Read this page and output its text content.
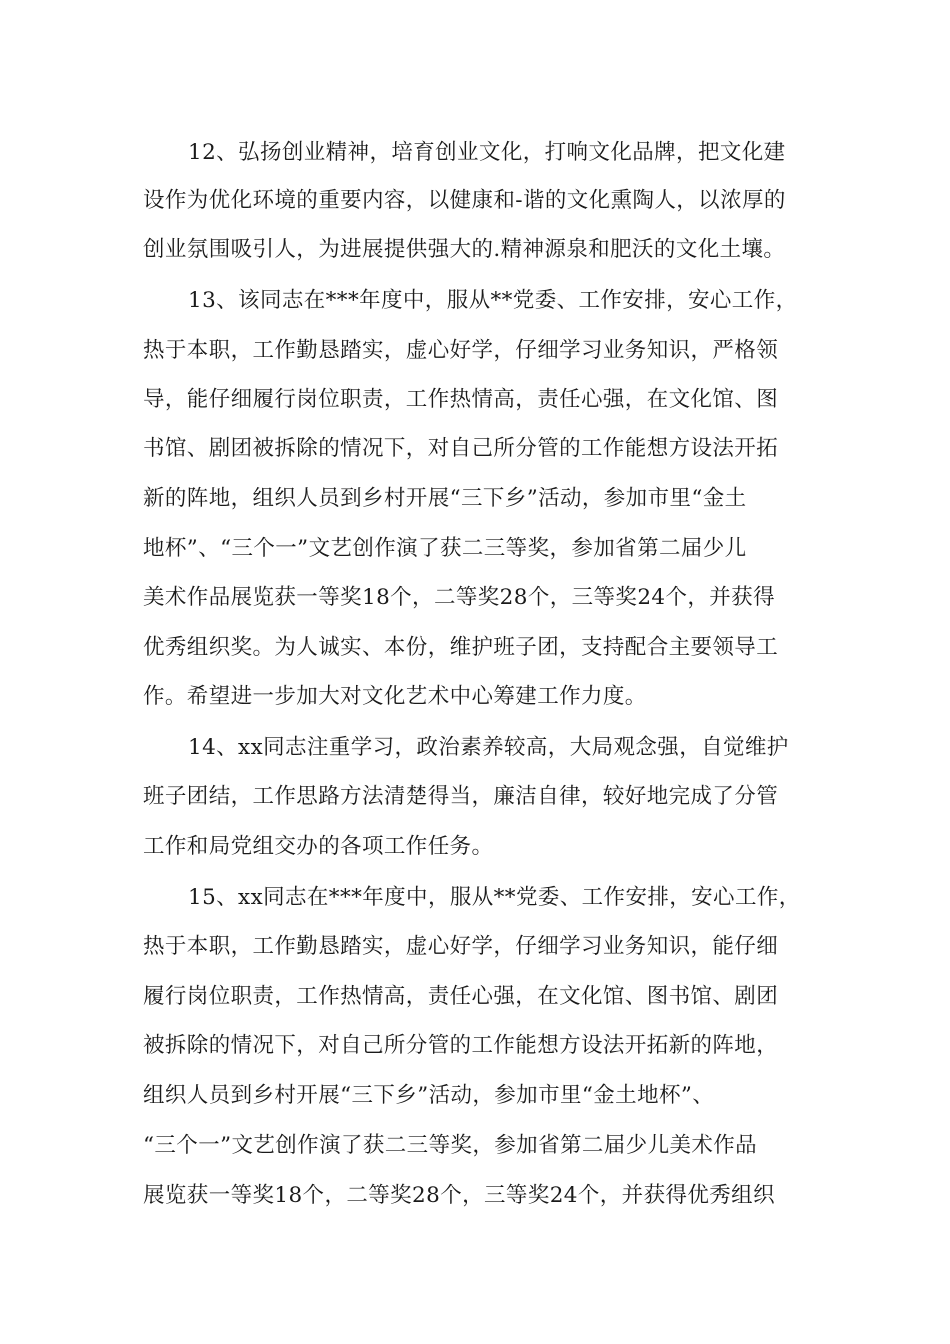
12、弘扬创业精神，培育创业文化，打响文化品牌，把文化建
设作为优化环境的重要内容，以健康和-谐的文化熏陶人，以浓厚的
创业氛围吸引人，为进展提供强大的.精神源泉和肥沃的文化土壤。
13、该同志在***年度中，服从**党委、工作安排，安心工作，
热于本职，工作勤恳踏实，虚心好学，仔细学习业务知识，严格领
导，能仔细履行岗位职责，工作热情高，责任心强，在文化馆、图
书馆、剧团被拆除的情况下，对自己所分管的工作能想方设法开拓
新的阵地，组织人员到乡村开展“三下乡”活动，参加市里“金土
地杯”、“三个一”文艺创作演了获二三等奖，参加省第二届少儿
美术作品展览获一等奖18个，二等奖28个，三等奖24个，并获得
优秀组织奖。为人诚实、本份，维护班子团，支持配合主要领导工
作。希望进一步加大对文化艺术中心筹建工作力度。
14、xx同志注重学习，政治素养较高，大局观念强，自觉维护
班子团结，工作思路方法清楚得当，廉洁自律，较好地完成了分管
工作和局党组交办的各项工作任务。
15、xx同志在***年度中，服从**党委、工作安排，安心工作，
热于本职，工作勤恳踏实，虚心好学，仔细学习业务知识，能仔细
履行岗位职责，工作热情高，责任心强，在文化馆、图书馆、剧团
被拆除的情况下，对自己所分管的工作能想方设法开拓新的阵地，
组织人员到乡村开展“三下乡”活动，参加市里“金土地杯”、
“三个一”文艺创作演了获二三等奖，参加省第二届少儿美术作品
展览获一等奖18个，二等奖28个，三等奖24个，并获得优秀组织
